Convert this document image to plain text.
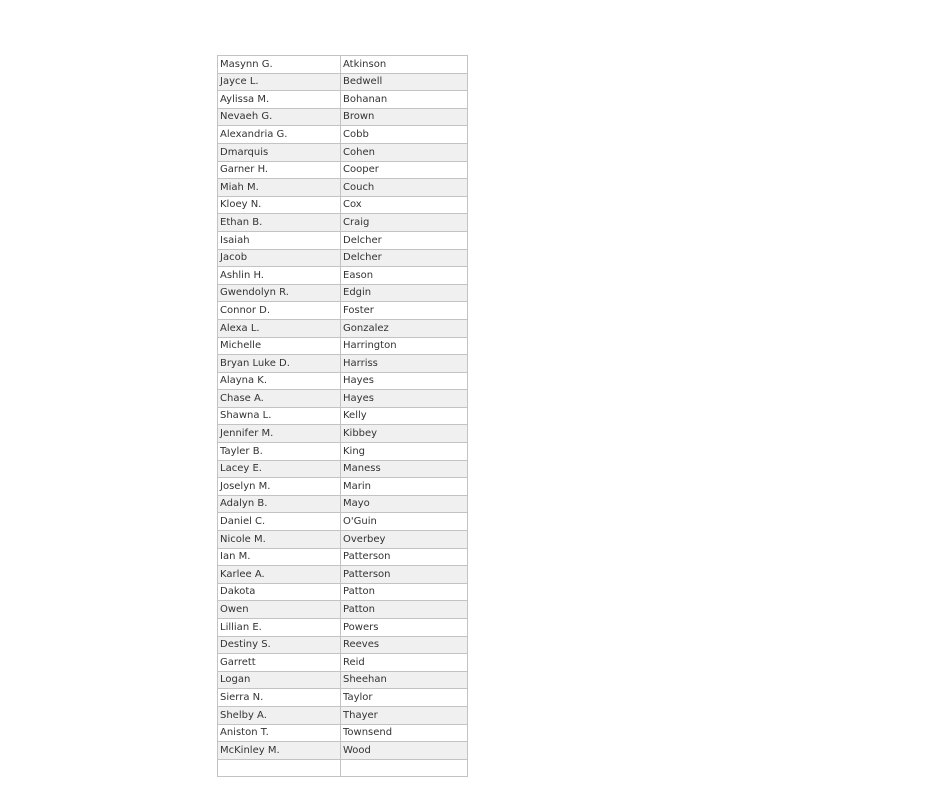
Masynn G.	Atkinson
Jayce L.	Bedwell
Aylissa M.	Bohanan
Nevaeh G.	Brown
Alexandria G.	Cobb
Dmarquis	Cohen
Garner H.	Cooper
Miah M.	Couch
Kloey N.	Cox
Ethan B.	Craig
Isaiah	Delcher
Jacob	Delcher
Ashlin H.	Eason
Gwendolyn R.	Edgin
Connor D.	Foster
Alexa L.	Gonzalez
Michelle	Harrington
Bryan Luke D.	Harriss
Alayna K.	Hayes
Chase A.	Hayes
Shawna L.	Kelly
Jennifer M.	Kibbey
Tayler B.	King
Lacey E.	Maness
Joselyn M.	Marin
Adalyn B.	Mayo
Daniel C.	O'Guin
Nicole M.	Overbey
Ian M.	Patterson
Karlee A.	Patterson
Dakota	Patton
Owen	Patton
Lillian E.	Powers
Destiny S.	Reeves
Garrett	Reid
Logan	Sheehan
Sierra N.	Taylor
Shelby A.	Thayer
Aniston T.	Townsend
McKinley M.	Wood
